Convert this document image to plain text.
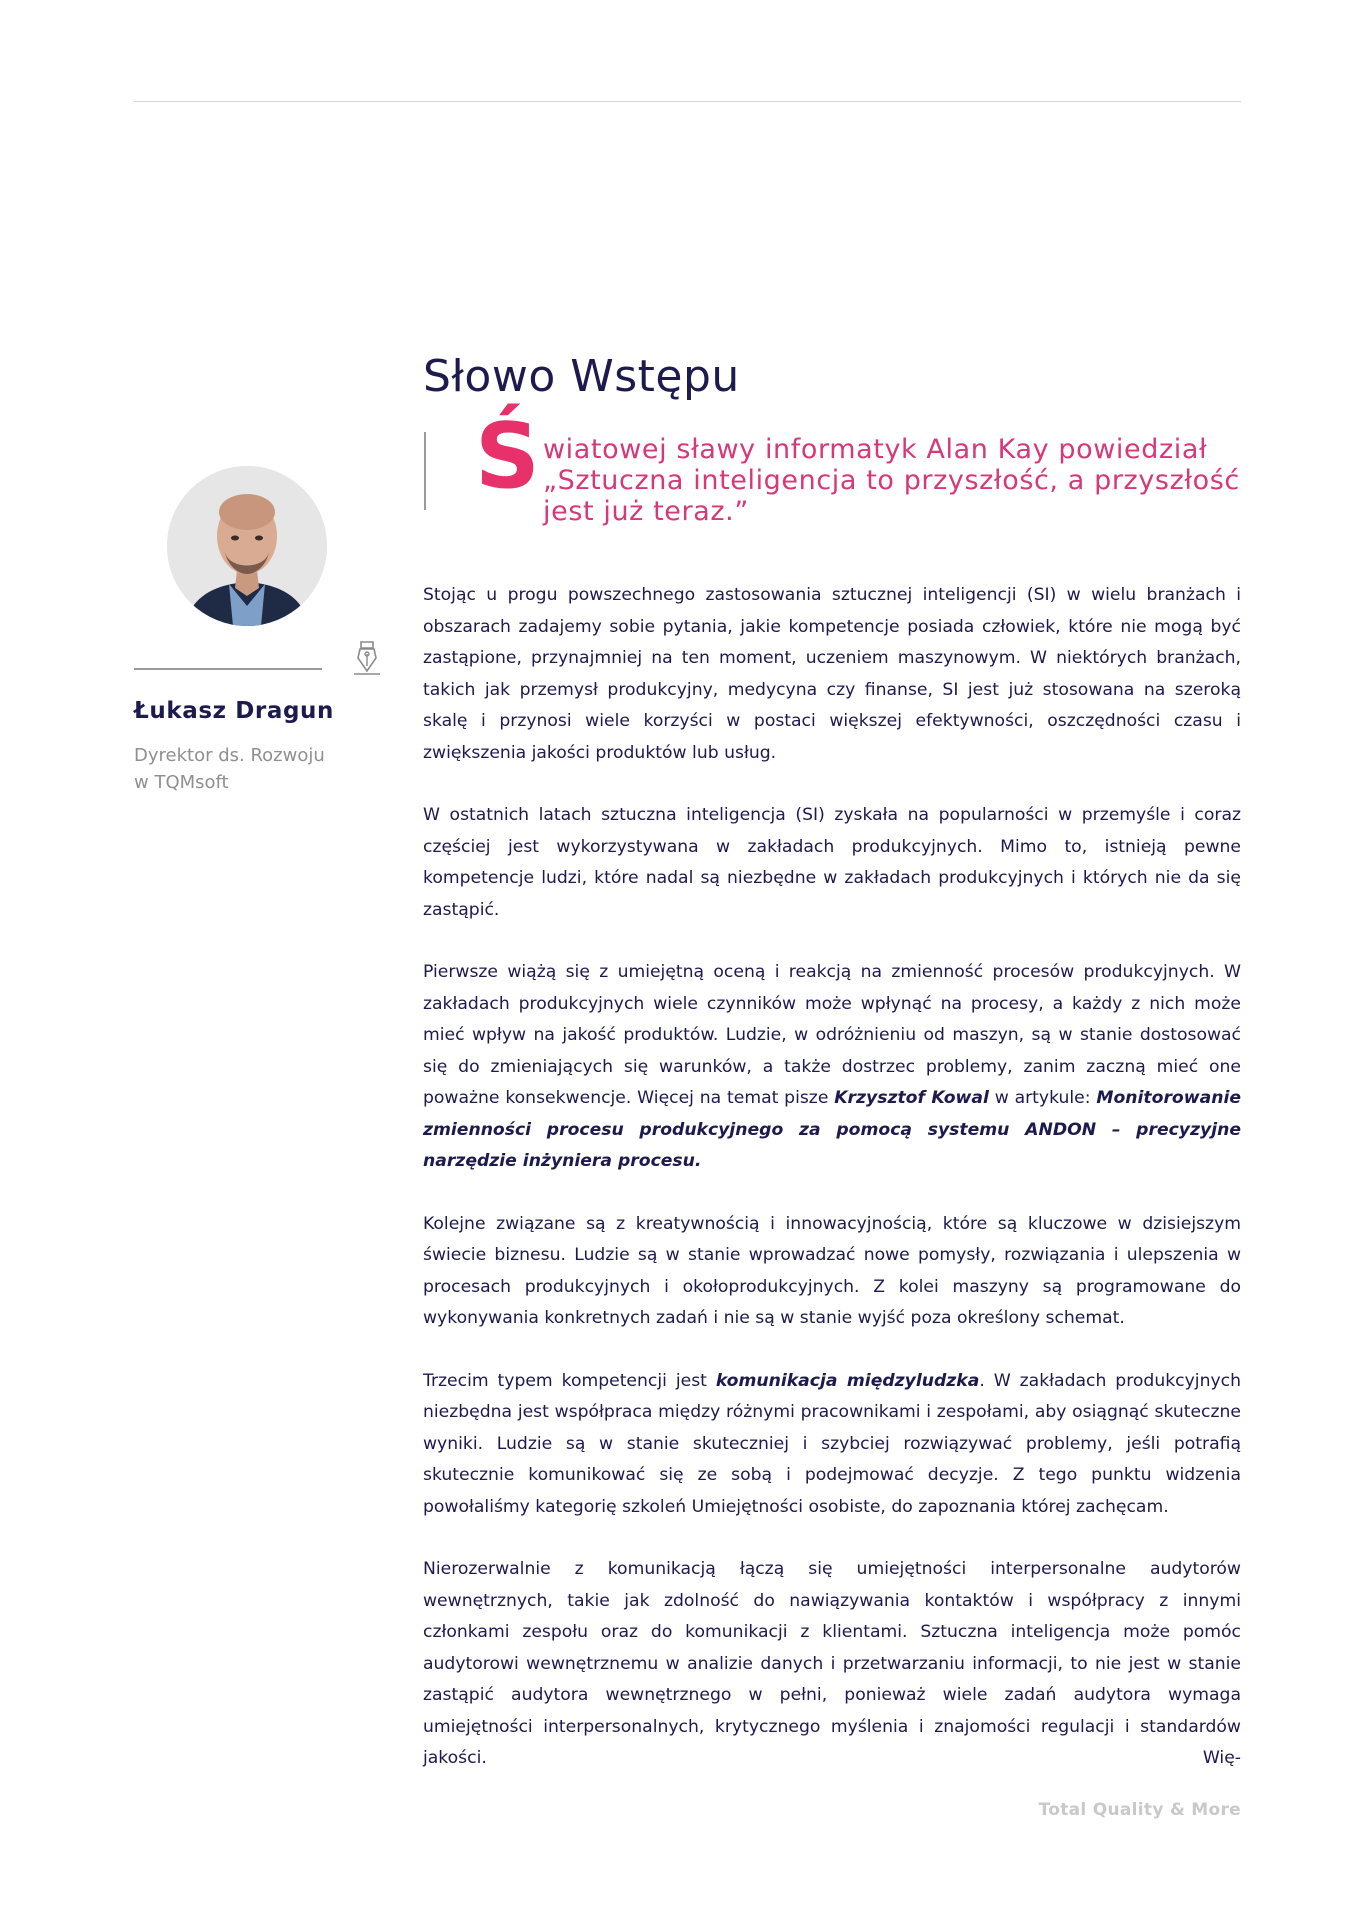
Łukasz Dragun
Dyrektor ds. Rozwoju
w TQMsoft
Słowo Wstępu
Ś wiatowej sławy informatyk Alan Kay powiedział „Sztuczna inteligencja to przyszłość, a przyszłość jest już teraz.”

Stojąc u progu powszechnego zastosowania sztucznej inteligencji (SI) w wielu branżach i obszarach zadajemy sobie pytania, jakie kompetencje posiada człowiek, które nie mogą być zastąpione, przynajmniej na ten moment, uczeniem maszynowym. W niektórych branżach, takich jak przemysł produkcyjny, medycyna czy finanse, SI jest już stosowana na szeroką skalę i przynosi wiele korzyści w postaci większej efektywności, oszczędności czasu i zwiększenia jakości produktów lub usług.

W ostatnich latach sztuczna inteligencja (SI) zyskała na popularności w przemyśle i coraz częściej jest wykorzystywana w zakładach produkcyjnych. Mimo to, istnieją pewne kompetencje ludzi, które nadal są niezbędne w zakładach produkcyjnych i których nie da się zastąpić.

Pierwsze wiążą się z umiejętną oceną i reakcją na zmienność procesów produkcyjnych. W zakładach produkcyjnych wiele czynników może wpłynąć na procesy, a każdy z nich może mieć wpływ na jakość produktów. Ludzie, w odróżnieniu od maszyn, są w stanie dostosować się do zmieniających się warunków, a także dostrzec problemy, zanim zaczną mieć one poważne konsekwencje. Więcej na temat pisze Krzysztof Kowal w artykule: Monitorowanie zmienności procesu produkcyjnego za pomocą systemu ANDON – precyzyjne narzędzie inżyniera procesu.

Kolejne związane są z kreatywnością i innowacyjnością, które są kluczowe w dzisiejszym świecie biznesu. Ludzie są w stanie wprowadzać nowe pomysły, rozwiązania i ulepszenia w procesach produkcyjnych i okołoprodukcyjnych. Z kolei maszyny są programowane do wykonywania konkretnych zadań i nie są w stanie wyjść poza określony schemat.

Trzecim typem kompetencji jest komunikacja międzyludzka. W zakładach produkcyjnych niezbędna jest współpraca między różnymi pracownikami i zespołami, aby osiągnąć skuteczne wyniki. Ludzie są w stanie skuteczniej i szybciej rozwiązywać problemy, jeśli potrafią skutecznie komunikować się ze sobą i podejmować decyzje. Z tego punktu widzenia powołaliśmy kategorię szkoleń Umiejętności osobiste, do zapoznania której zachęcam.

Nierozerwalnie z komunikacją łączą się umiejętności interpersonalne audytorów wewnętrznych, takie jak zdolność do nawiązywania kontaktów i współpracy z innymi członkami zespołu oraz do komunikacji z klientami. Sztuczna inteligencja może pomóc audytorowi wewnętrznemu w analizie danych i przetwarzaniu informacji, to nie jest w stanie zastąpić audytora wewnętrznego w pełni, ponieważ wiele zadań audytora wymaga umiejętności interpersonalnych, krytycznego myślenia i znajomości regulacji i standardów jakości. Wię-

Total Quality & More
